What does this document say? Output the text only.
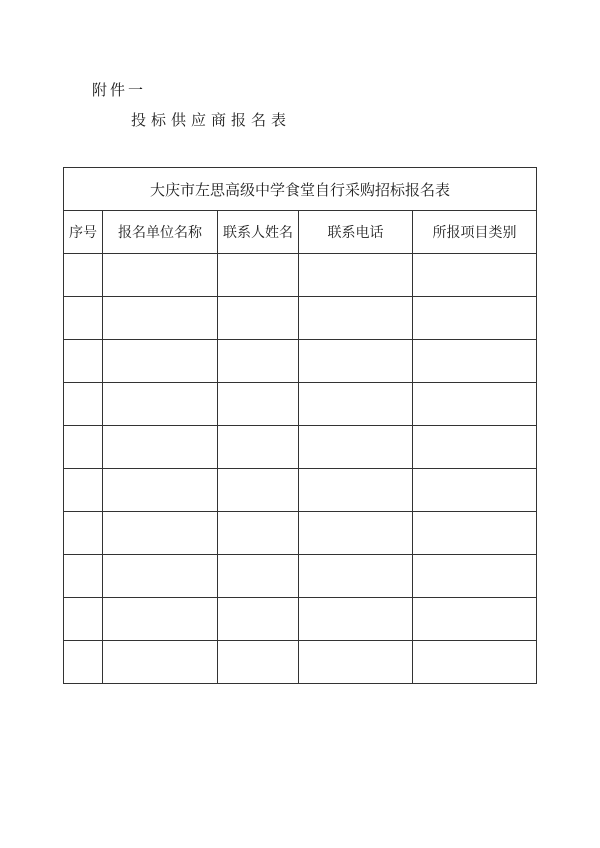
附件一
投标供应商报名表
大庆市左思高级中学食堂自行采购招标报名表				
序号	报名单位名称	联系人姓名	联系电话	所报项目类别
